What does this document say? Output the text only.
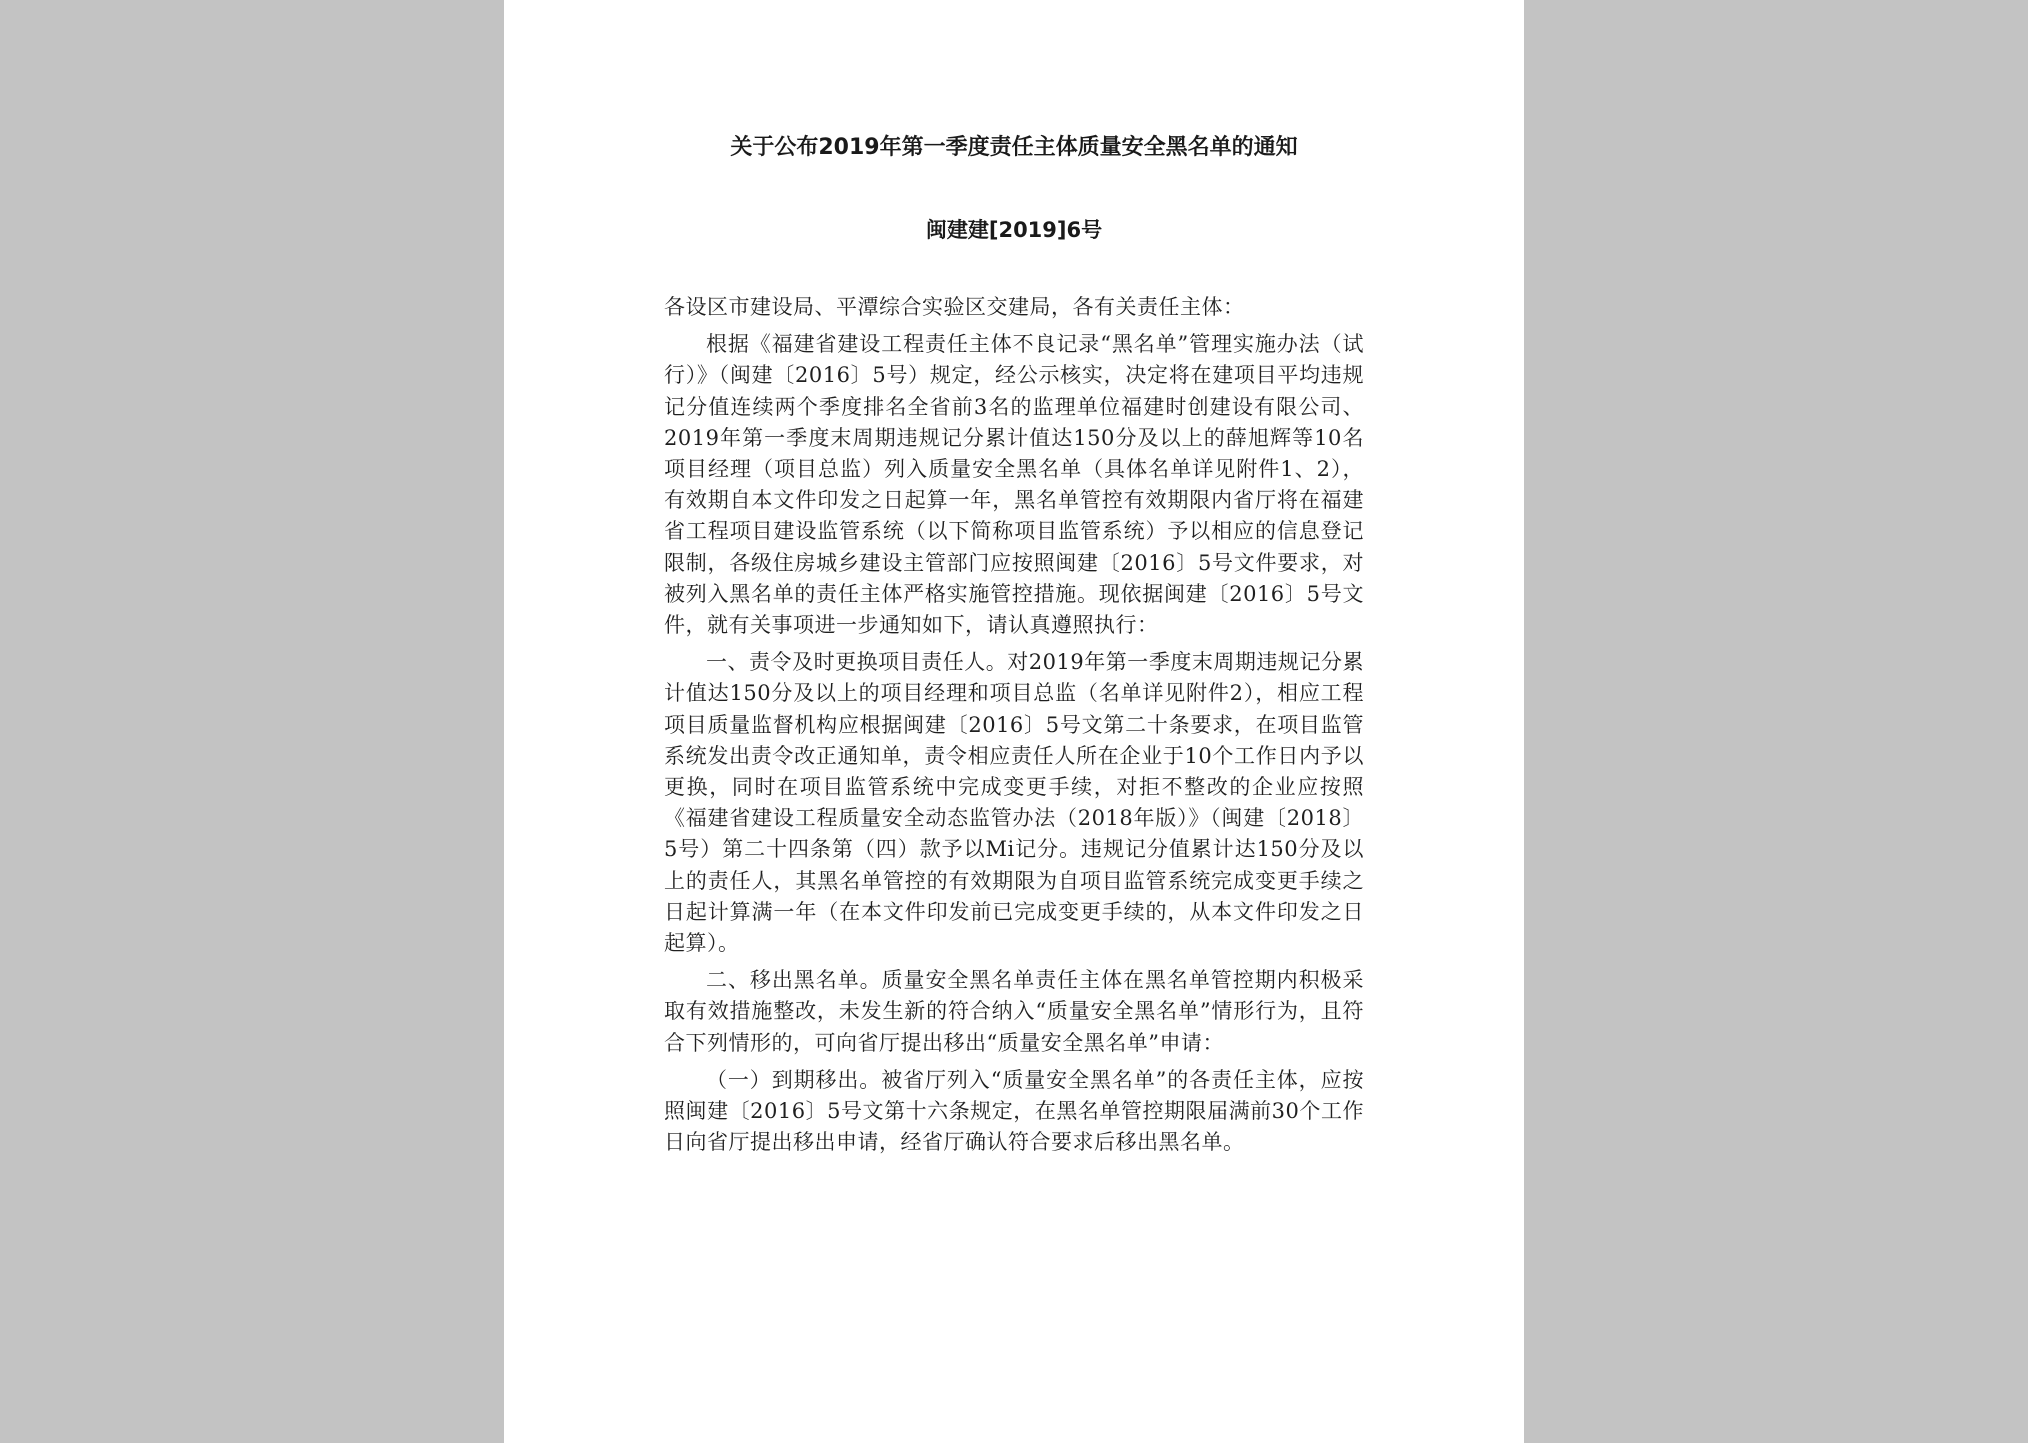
关于公布2019年第一季度责任主体质量安全黑名单的通知
闽建建[2019]6号

各设区市建设局、平潭综合实验区交建局，各有关责任主体：

根据《福建省建设工程责任主体不良记录“黑名单”管理实施办法（试行）》（闽建〔2016〕5号）规定，经公示核实，决定将在建项目平均违规记分值连续两个季度排名全省前3名的监理单位福建时创建设有限公司、2019年第一季度末周期违规记分累计值达150分及以上的薛旭辉等10名项目经理（项目总监）列入质量安全黑名单（具体名单详见附件1、2），有效期自本文件印发之日起算一年，黑名单管控有效期限内省厅将在福建省工程项目建设监管系统（以下简称项目监管系统）予以相应的信息登记限制，各级住房城乡建设主管部门应按照闽建〔2016〕5号文件要求，对被列入黑名单的责任主体严格实施管控措施。现依据闽建〔2016〕5号文件，就有关事项进一步通知如下，请认真遵照执行：

一、责令及时更换项目责任人。对2019年第一季度末周期违规记分累计值达150分及以上的项目经理和项目总监（名单详见附件2），相应工程项目质量监督机构应根据闽建〔2016〕5号文第二十条要求，在项目监管系统发出责令改正通知单，责令相应责任人所在企业于10个工作日内予以更换，同时在项目监管系统中完成变更手续，对拒不整改的企业应按照《福建省建设工程质量安全动态监管办法（2018年版）》（闽建〔2018〕5号）第二十四条第（四）款予以Mi记分。违规记分值累计达150分及以上的责任人，其黑名单管控的有效期限为自项目监管系统完成变更手续之日起计算满一年（在本文件印发前已完成变更手续的，从本文件印发之日起算）。

二、移出黑名单。质量安全黑名单责任主体在黑名单管控期内积极采取有效措施整改，未发生新的符合纳入“质量安全黑名单”情形行为，且符合下列情形的，可向省厅提出移出“质量安全黑名单”申请：

（一）到期移出。被省厅列入“质量安全黑名单”的各责任主体，应按照闽建〔2016〕5号文第十六条规定，在黑名单管控期限届满前30个工作日向省厅提出移出申请，经省厅确认符合要求后移出黑名单。
